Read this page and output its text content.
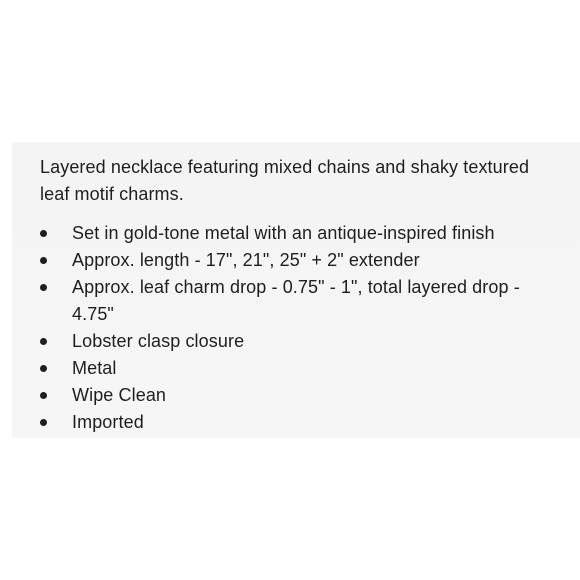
Layered necklace featuring mixed chains and shaky textured leaf motif charms.

Set in gold-tone metal with an antique-inspired finish
Approx. length - 17", 21", 25" + 2" extender
Approx. leaf charm drop - 0.75" - 1", total layered drop - 4.75"
Lobster clasp closure
Metal
Wipe Clean
Imported
